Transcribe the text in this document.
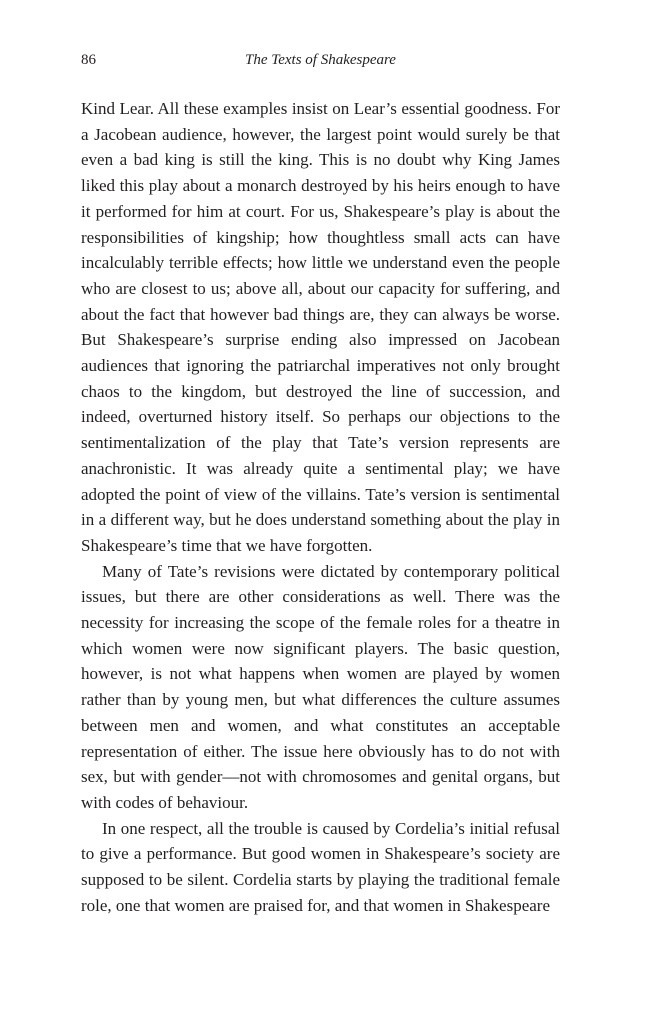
86	The Texts of Shakespeare

Kind Lear. All these examples insist on Lear’s essential goodness. For a Jacobean audience, however, the largest point would surely be that even a bad king is still the king. This is no doubt why King James liked this play about a monarch destroyed by his heirs enough to have it performed for him at court. For us, Shakespeare’s play is about the responsibilities of kingship; how thoughtless small acts can have incalculably terrible effects; how little we understand even the people who are closest to us; above all, about our capacity for suffering, and about the fact that however bad things are, they can always be worse. But Shakespeare’s surprise ending also impressed on Jacobean audiences that ignoring the patriarchal imperatives not only brought chaos to the kingdom, but destroyed the line of succession, and indeed, overturned history itself. So perhaps our objections to the sentimentalization of the play that Tate’s version represents are anachronistic. It was already quite a sentimental play; we have adopted the point of view of the villains. Tate’s version is sentimental in a different way, but he does understand something about the play in Shakespeare’s time that we have forgotten.

Many of Tate’s revisions were dictated by contemporary political issues, but there are other considerations as well. There was the necessity for increasing the scope of the female roles for a theatre in which women were now significant players. The basic question, however, is not what happens when women are played by women rather than by young men, but what differences the culture assumes between men and women, and what constitutes an acceptable representation of either. The issue here obviously has to do not with sex, but with gender—not with chromosomes and genital organs, but with codes of behaviour.

In one respect, all the trouble is caused by Cordelia’s initial refusal to give a performance. But good women in Shakespeare’s society are supposed to be silent. Cordelia starts by playing the traditional female role, one that women are praised for, and that women in Shakespeare
